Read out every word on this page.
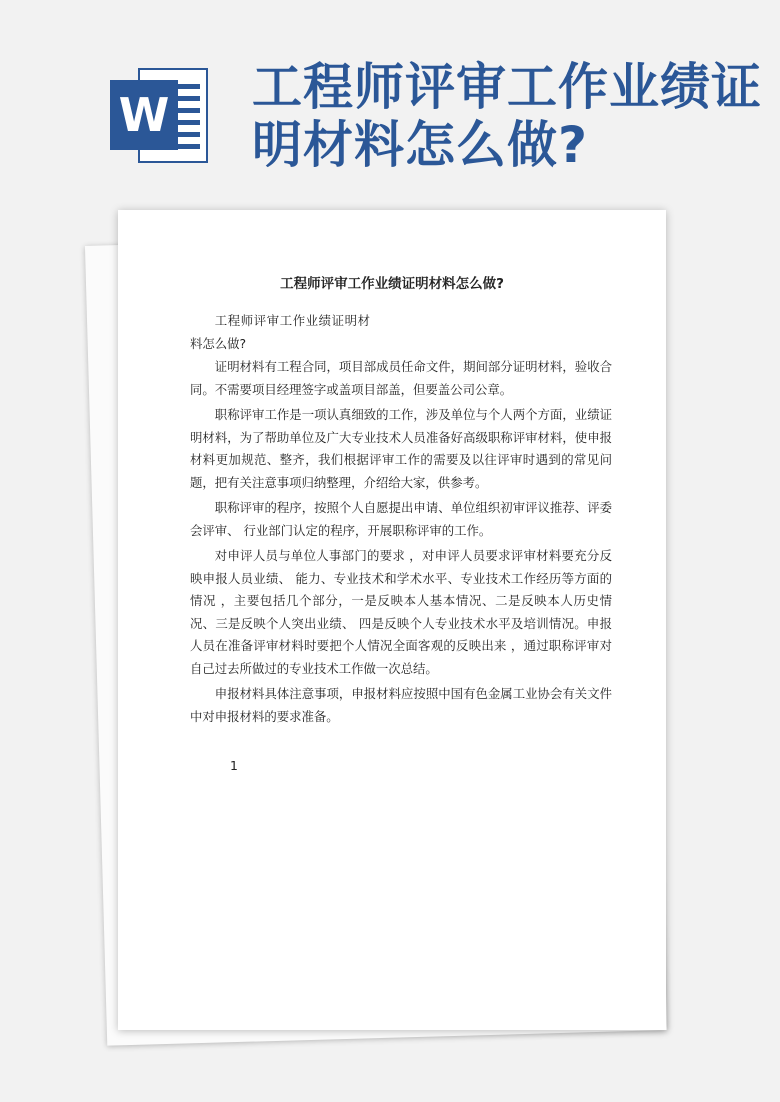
W 工程师评审工作业绩证明材料怎么做?
工程师评审工作业绩证明材料怎么做?

工程师评审工作业绩证明材料怎么做?

证明材料有工程合同，项目部成员任命文件，期间部分证明材料，验收合同。不需要项目经理签字或盖项目部盖，但要盖公司公章。

职称评审工作是一项认真细致的工作，涉及单位与个人两个方面，业绩证明材料，为了帮助单位及广大专业技术人员准备好高级职称评审材料，使申报材料更加规范、整齐，我们根据评审工作的需要及以往评审时遇到的常见问题，把有关注意事项归纳整理，介绍给大家，供参考。

职称评审的程序，按照个人自愿提出申请、单位组织初审评议推荐、评委会评审、 行业部门认定的程序，开展职称评审的工作。

对申评人员与单位人事部门的要求 ，对申评人员要求评审材料要充分反映申报人员业绩、 能力、专业技术和学术水平、专业技术工作经历等方面的情况 ，主要包括几个部分，一是反映本人基本情况、二是反映本人历史情况、三是反映个人突出业绩、 四是反映个人专业技术水平及培训情况。申报人员在准备评审材料时要把个人情况全面客观的反映出来 ，通过职称评审对自己过去所做过的专业技术工作做一次总结。

申报材料具体注意事项，申报材料应按照中国有色金属工业协会有关文件中对申报材料的要求准备。

1
